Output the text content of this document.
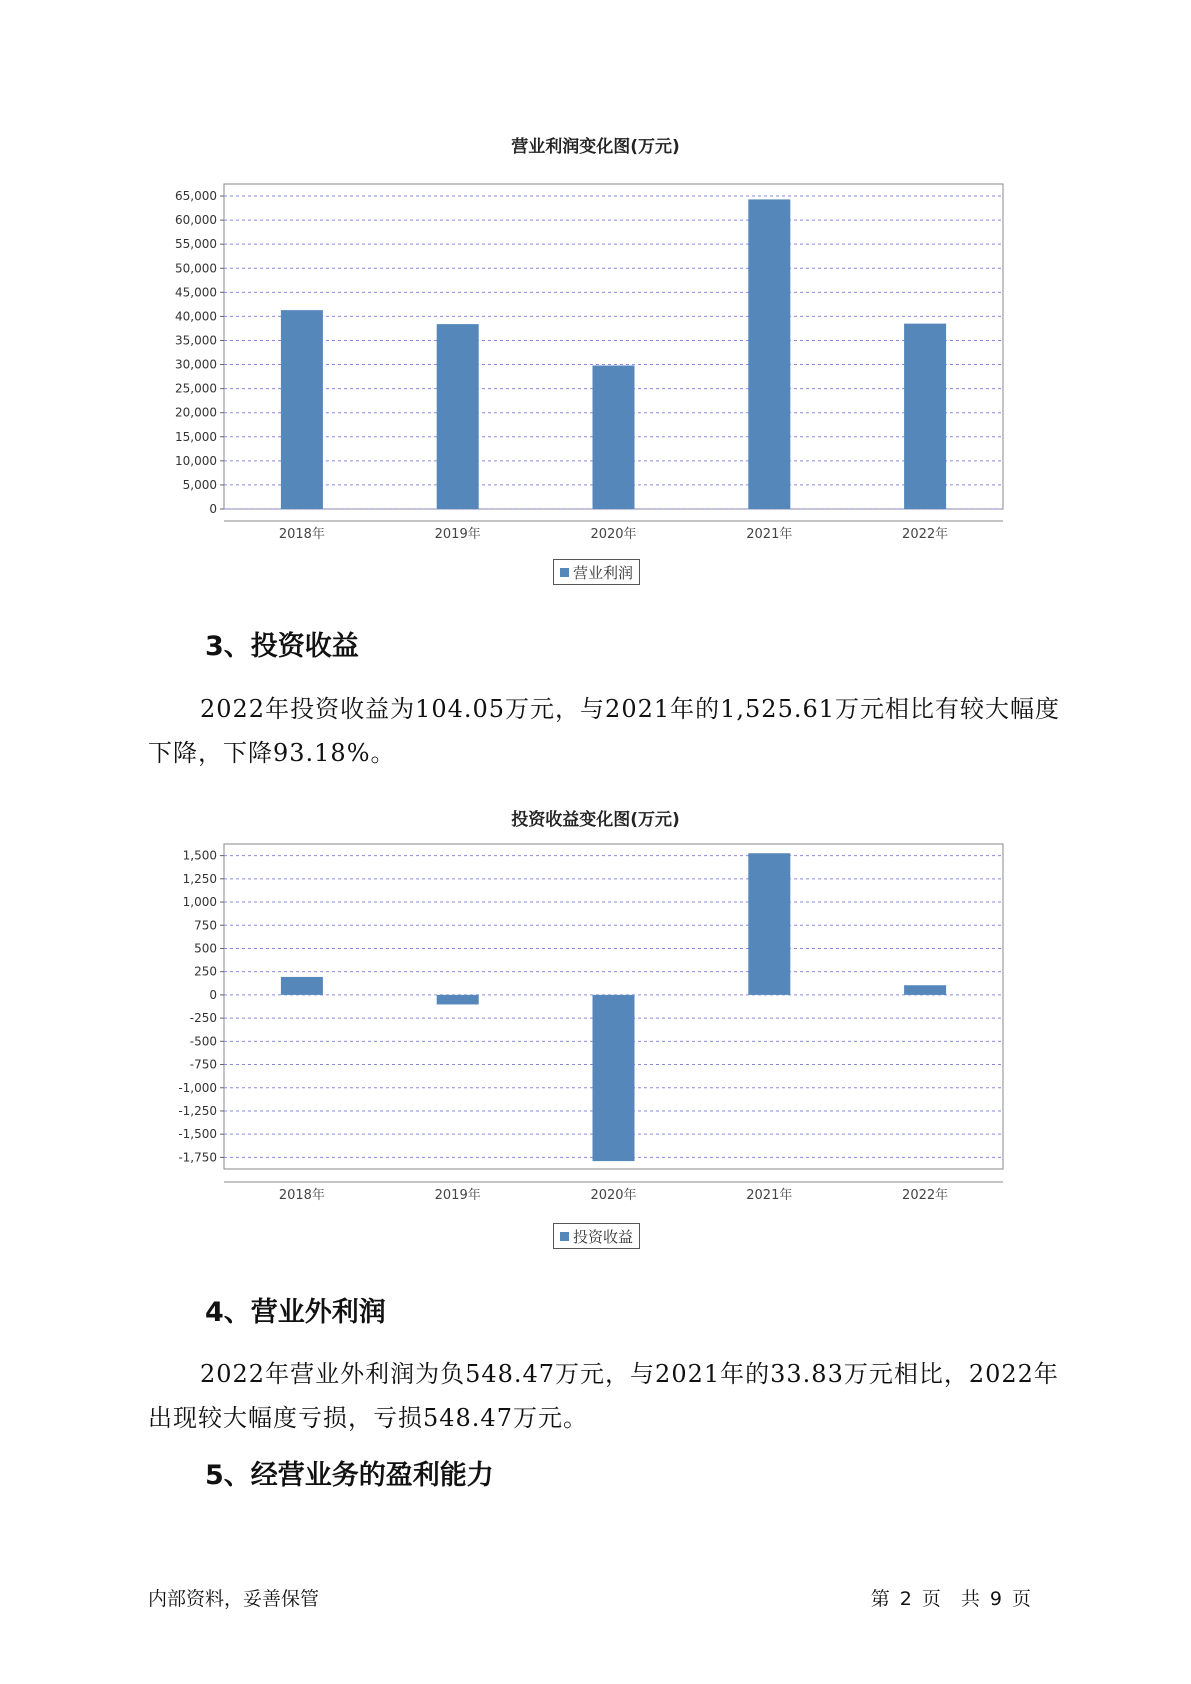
营业利润变化图(万元)
0
5,000
10,000
15,000
20,000
25,000
30,000
35,000
40,000
45,000
50,000
55,000
60,000
65,000
2018年	2019年	2020年	2021年	2022年
营业利润
3、投资收益

2022年投资收益为104.05万元，与2021年的1,525.61万元相比有较大幅度下降，下降93.18%。

投资收益变化图(万元)
1,500
1,250
1,000
750
500
250
0
-250
-500
-750
-1,000
-1,250
-1,500
-1,750
2018年	2019年	2020年	2021年	2022年
投资收益
4、营业外利润

2022年营业外利润为负548.47万元，与2021年的33.83万元相比，2022年出现较大幅度亏损，亏损548.47万元。

5、经营业务的盈利能力
内部资料，妥善保管	第 2 页 共 9 页
